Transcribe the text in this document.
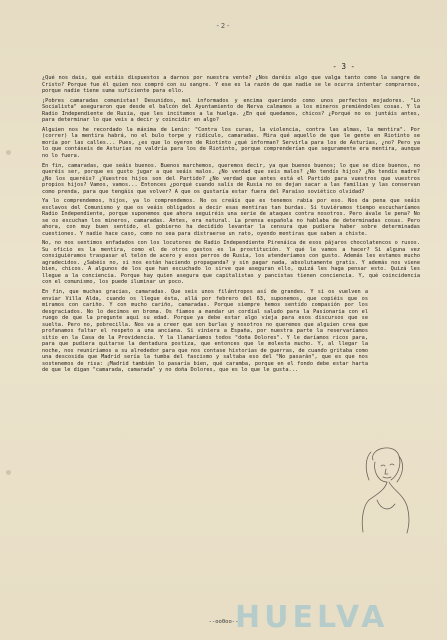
-2-
- 3 -

¿Qué nos dais, qué estáis dispuestos a darnos por nuestra vente? ¿Nos daréis algo que valga tanto como la sangre de Cristo? Porque fue él quien nos compró con su sangre. Y ese es la razón de que nadie se le ocurra intentar comprarnos, porque nadie tiene suma suficiente para ello.

¡Pobres camaradas comunistas! Desunidos, mal informados y encima queriendo como unos perfectos mojadores. "Lo Socialista" aseguraron que desde el balcón del Ayuntamiento de Nerva calmamos a los mineros premiéndoles cosas. Y la Radio Independiente de Rusia, que les incitamos a la huelga. ¿En qué quedamos, chicos? ¿Porqué no os juntáis antes, para determinar lo que veis a decir y coincidir en algo?

Alguien nos he recordado la máxima de Lenin: "Contra los curas, la violencia, contra las almas, la mentira". Por (correr) la mentira habrá, no el bulo torpe y ridículo, camaradas. Mira qué aquello de que le gente en Riotinto se moría por las calles... Pues, ¿es que lo oyeron de Riotinto ¿qué informan? Servirla para los de Asturias, ¿no? Pero ya lo que contáseis de Asturias no valdría para los de Riotinto, porque comprenderían que seguramente era mentira, aunque no lo fuera.

En fin, camaradas, que seáis buenos. Buenos marchemos, queremos decir, ya que buenos buenos; lo que se dice buenos, no queréis ser, porque es gusto jugar a que seáis malos. ¿No verdad que seis malos? ¿No tendís hijos? ¿No tendís madre? ¿No los queréis? ¿Vuestros hijos son del Partido? ¿No verdad que antes está el Partido para vuestros que vuestros propios hijos? Vamos, vamos... Entonces ¿porqué cuando salís de Rusia no os dejan sacar a las familias y las conservan como prenda, para que tengáis que volver? A que os gustaría estar fuera del Paraíso soviético olvidad?

Ya lo comprendemos, hijos, ya lo comprendemos. No os creáis que es tenemos rabia por eso. Nos da pena que seáis esclavos del Comunismo y que os veáis obligados a decir esas mentiras tan burdas. Si tuviéramos tiempo escucharíamos Radio Independiente, porque suponemos que ahora seguiréis una serie de ataques contra nosotros. Pero ávale le pena? No se os escuchan los mineros, camaradas. Antes, era natural. La prensa española no hablaba de determinadas cosas. Pero ahora, con muy buen sentido, el gobierno ha decidido levantar la censura que pudiera haber sobre determinadas cuestiones. Y nadie hace caso, como no sea para distraerse un rato, oyendo mentiras que saben a chiste.

No, no nos sentimos enfadados con los locutores de Radio Independiente Pirenáica de esos pájaros chocolatencos o rusos. Su oficio es la mentira, como el de otros gestos es la prostitución. Y qué le vamos a hacer? Si alguna vez consiguiéramos traspasar el telón de acero y esos perros de Rusia, los atenderíamos con gusto. Además les estamos mucho agradecidos. ¿Sabéis no, si nos están haciendo propaganda? y sin pagar nada, absolutamente gratis. Y además nos viene bien, chicos. A algunos de los que han escuchado lo sirve que aseguran ello, quizá les haga pensar esto. Quizá les llegue a la conciencia. Porque hay quien asegura que capitalistas y pancistas tienen conciencia. Y, qué coincidencia con el comunismo, los puede iluminar un poco.

En fin, que muchas gracias, camaradas. Que seis unos filántropos así de grandes. Y si os vuelven a enviar Villa Alda, cuando os llegue ésta, allá por febrero del 63, suponemos, que copiéis que os miramos con cariño. Y con mucho cariño, camaradas. Porque siempre hemos sentido compasión por los desgraciados. No lo decimos en broma. Os fíamos a mandar un cordial saludo para la Pasionaria con el ruego de que la pregunte aquí su edad. Porque ya debe estar algo vieja para esos discursos que se suelta. Pero no, pobrecilla. Nos va a creer que son burlas y nosotros no queremos que alguien crea que profanamos faltar el respeto a una anciana. Si viniera a España, por nuestra parte la reservaríamos sitio en la Casa de la Providencia. Y la llamaríamos todos "doña Dolores". Y le daríamos ricos para, para que pudiera quitarse la dentadura postiza, que entonces que le molesta mucho. Y, al llegar la noche, nos reuniríamos a su alrededor para que nos contase historias de guerras, de cuando gritaba como una descosida que Madrid sería la tumba del fascismo y saltaba eso del "No pasarán", que es que nos sostenemos de risa: ¡Madrid también lo pasaría bien, qué caramba, porque en el fondo debe estar harta de que le digan "camarada, camarada" y no doña Dolores, que es lo que le gusta...

--oo0oo--
HUELVA
